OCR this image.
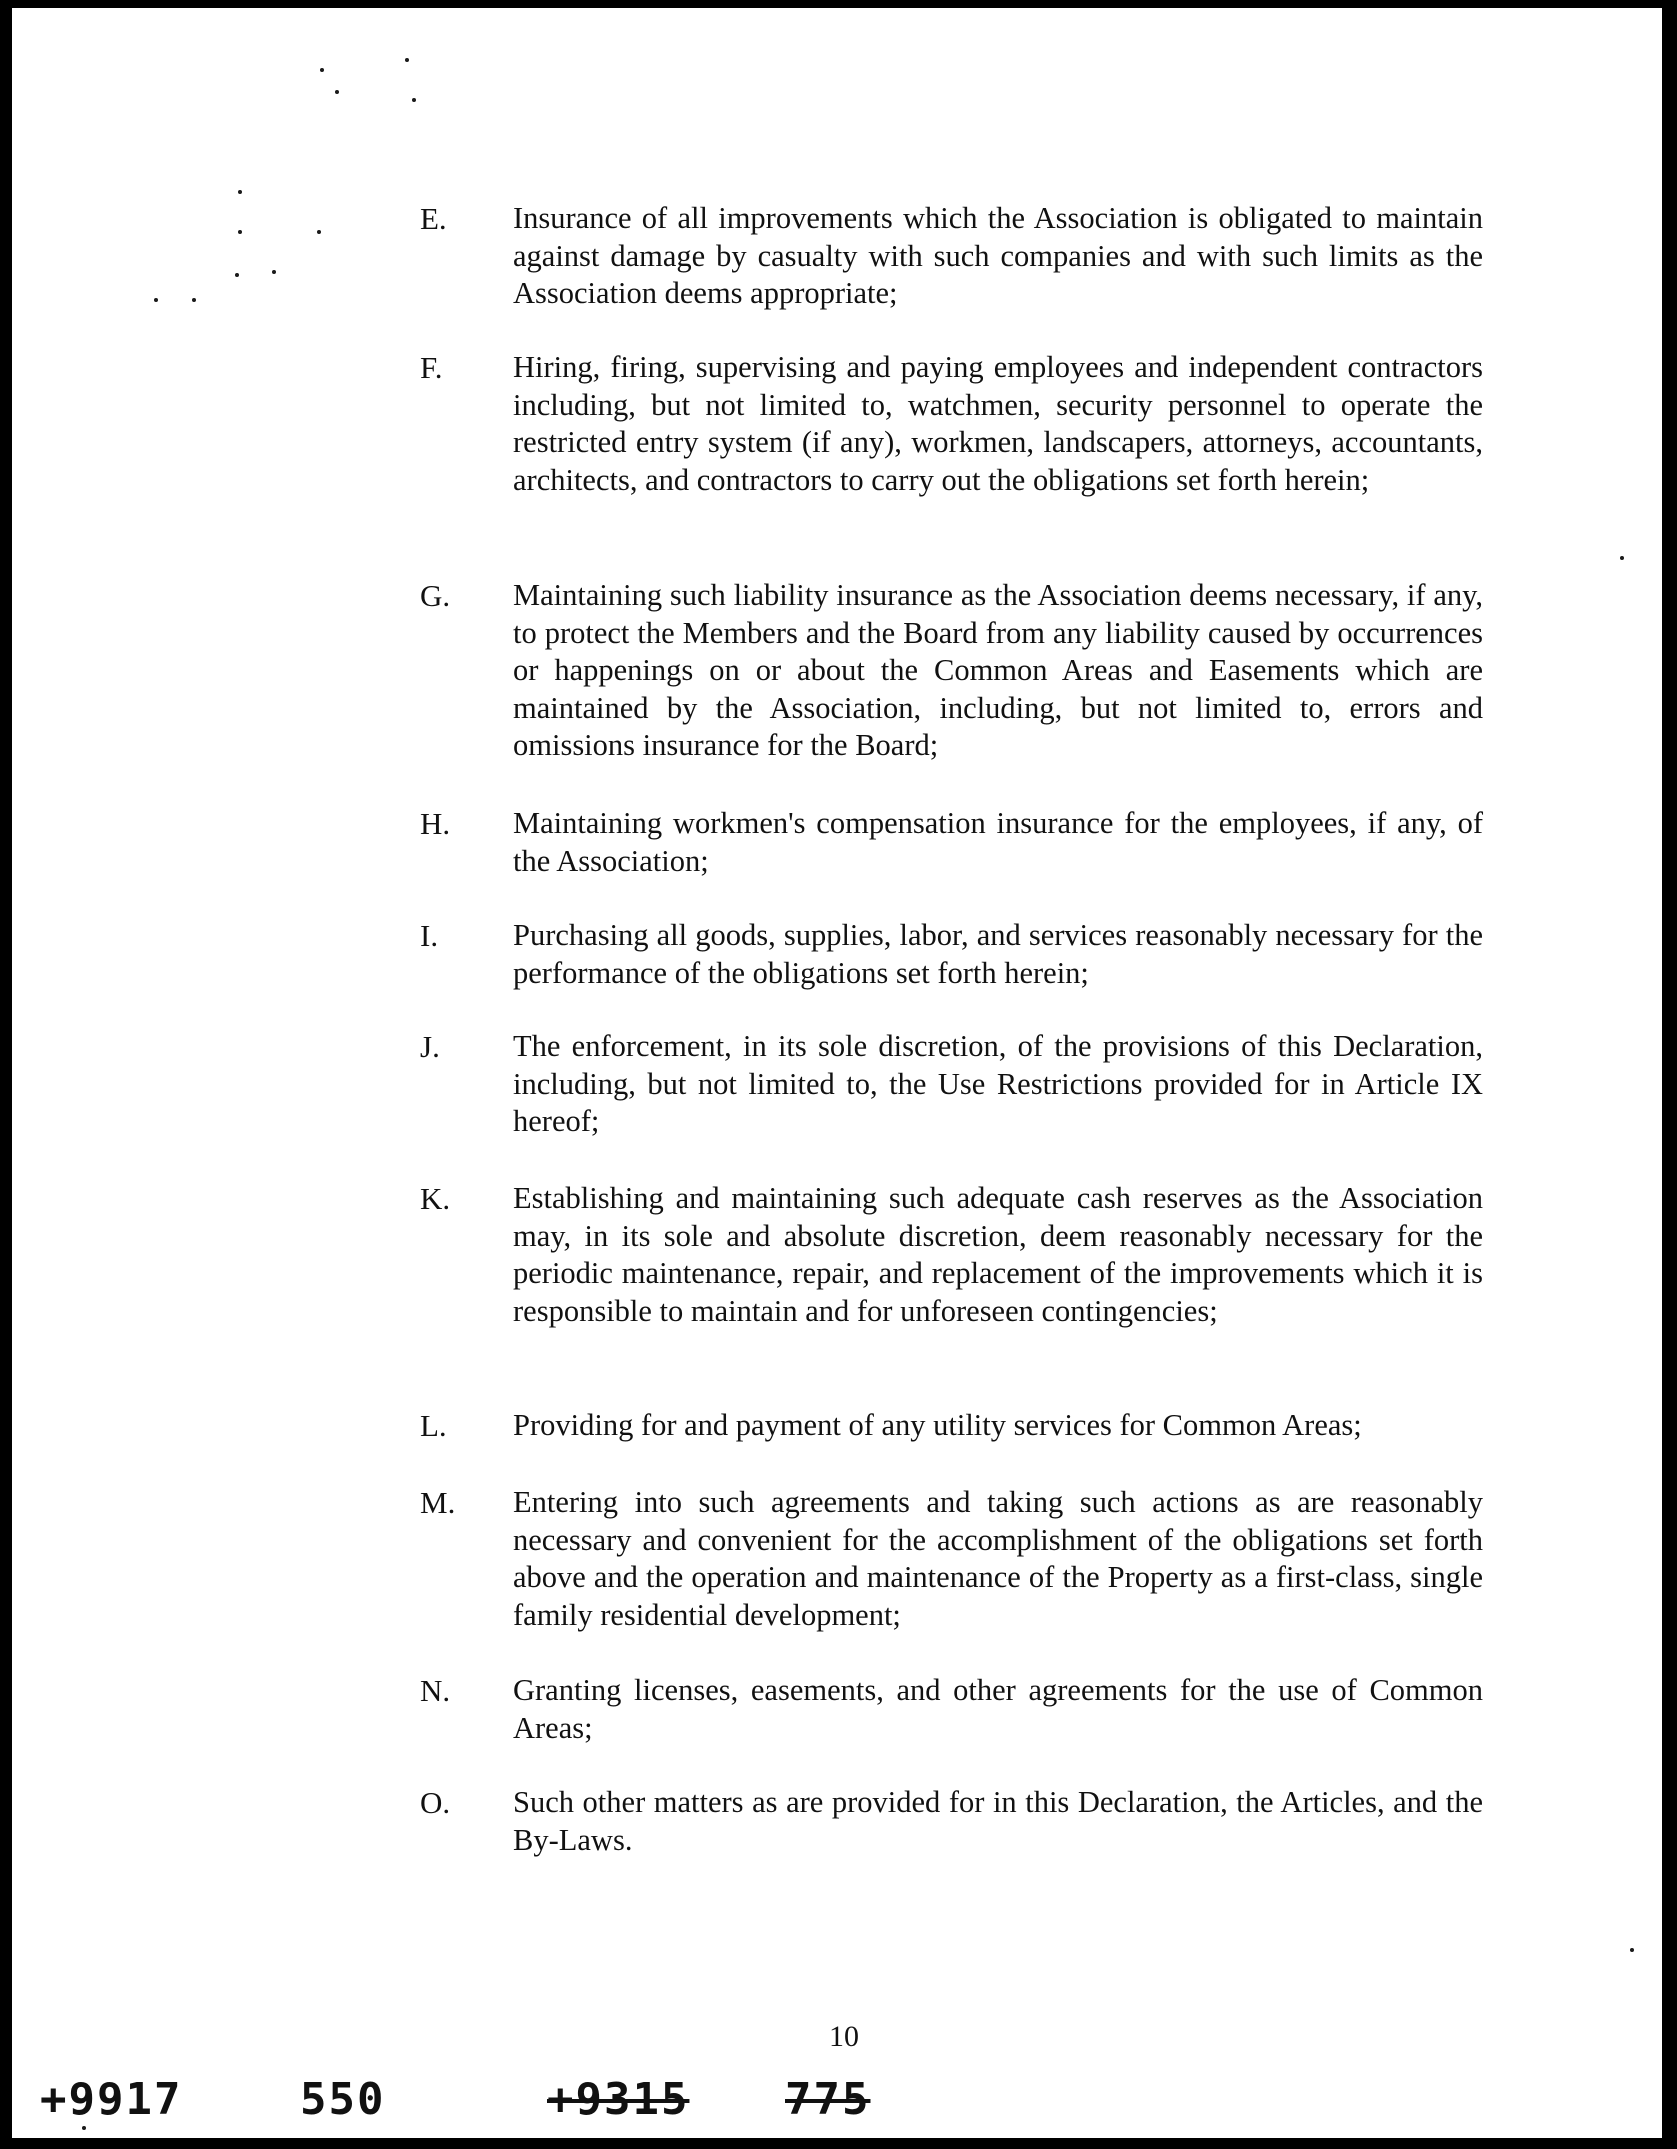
E. Insurance of all improvements which the Association is obligated to maintain against damage by casualty with such companies and with such limits as the Association deems appropriate;
F. Hiring, firing, supervising and paying employees and independent contractors including, but not limited to, watchmen, security personnel to operate the restricted entry system (if any), workmen, landscapers, attorneys, accountants, architects, and contractors to carry out the obligations set forth herein;
G. Maintaining such liability insurance as the Association deems necessary, if any, to protect the Members and the Board from any liability caused by occurrences or happenings on or about the Common Areas and Easements which are maintained by the Association, including, but not limited to, errors and omissions insurance for the Board;
H. Maintaining workmen's compensation insurance for the employees, if any, of the Association;
I. Purchasing all goods, supplies, labor, and services reasonably necessary for the performance of the obligations set forth herein;
J. The enforcement, in its sole discretion, of the provisions of this Declaration, including, but not limited to, the Use Restrictions provided for in Article IX hereof;
K. Establishing and maintaining such adequate cash reserves as the Association may, in its sole and absolute discretion, deem reasonably necessary for the periodic maintenance, repair, and replacement of the improvements which it is responsible to maintain and for unforeseen contingencies;
L. Providing for and payment of any utility services for Common Areas;
M. Entering into such agreements and taking such actions as are reasonably necessary and convenient for the accomplishment of the obligations set forth above and the operation and maintenance of the Property as a first-class, single family residential development;
N. Granting licenses, easements, and other agreements for the use of Common Areas;
O. Such other matters as are provided for in this Declaration, the Articles, and the By-Laws.
10
+9917	550	+9315 775
